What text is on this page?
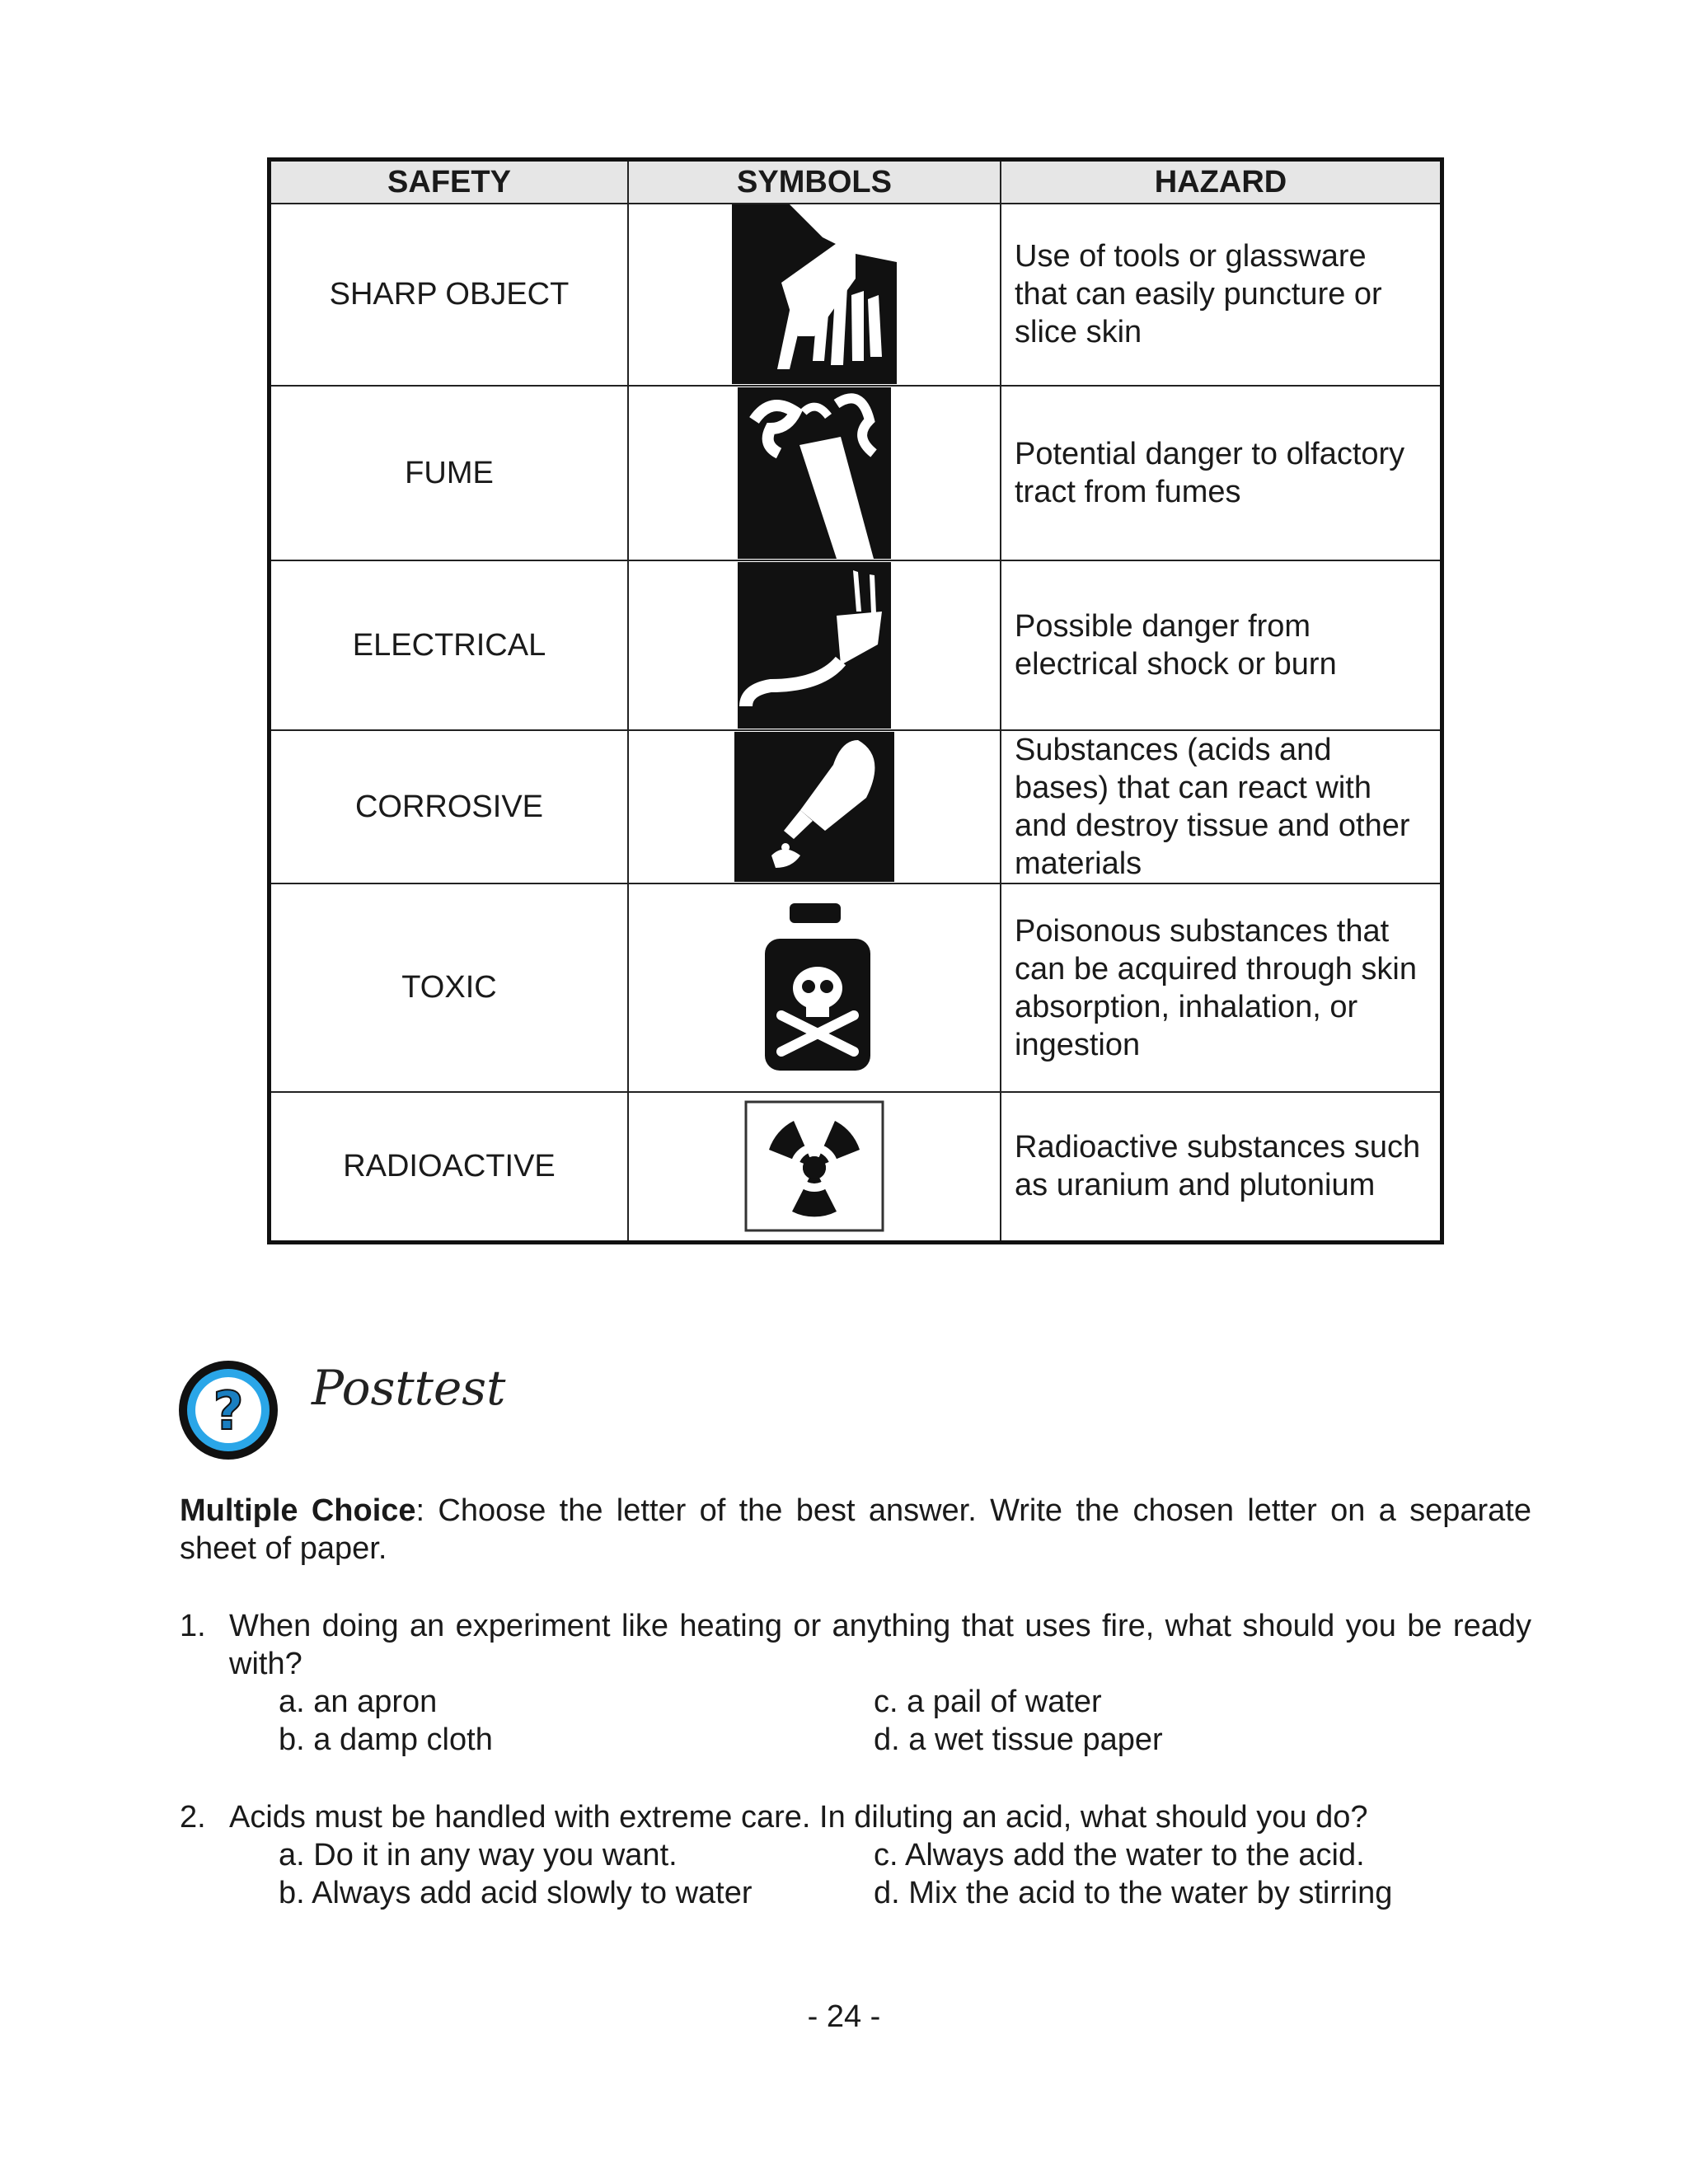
SAFETY	SYMBOLS	HAZARD
SHARP OBJECT		Use of tools or glassware that can easily puncture or slice skin
FUME		Potential danger to olfactory tract from fumes
ELECTRICAL		Possible danger from electrical shock or burn
CORROSIVE		Substances (acids and bases) that can react with and destroy tissue and other materials
TOXIC		Poisonous substances that can be acquired through skin absorption, inhalation, or ingestion
RADIOACTIVE		Radioactive substances such as uranium and plutonium
? Posttest
Multiple Choice: Choose the letter of the best answer. Write the chosen letter on a separate sheet of paper.
1. When doing an experiment like heating or anything that uses fire, what should you be ready with?
a. an apron
b. a damp cloth
c. a pail of water
d. a wet tissue paper
2. Acids must be handled with extreme care. In diluting an acid, what should you do?
a. Do it in any way you want.
b. Always add acid slowly to water
c. Always add the water to the acid.
d. Mix the acid to the water by stirring
- 24 -
